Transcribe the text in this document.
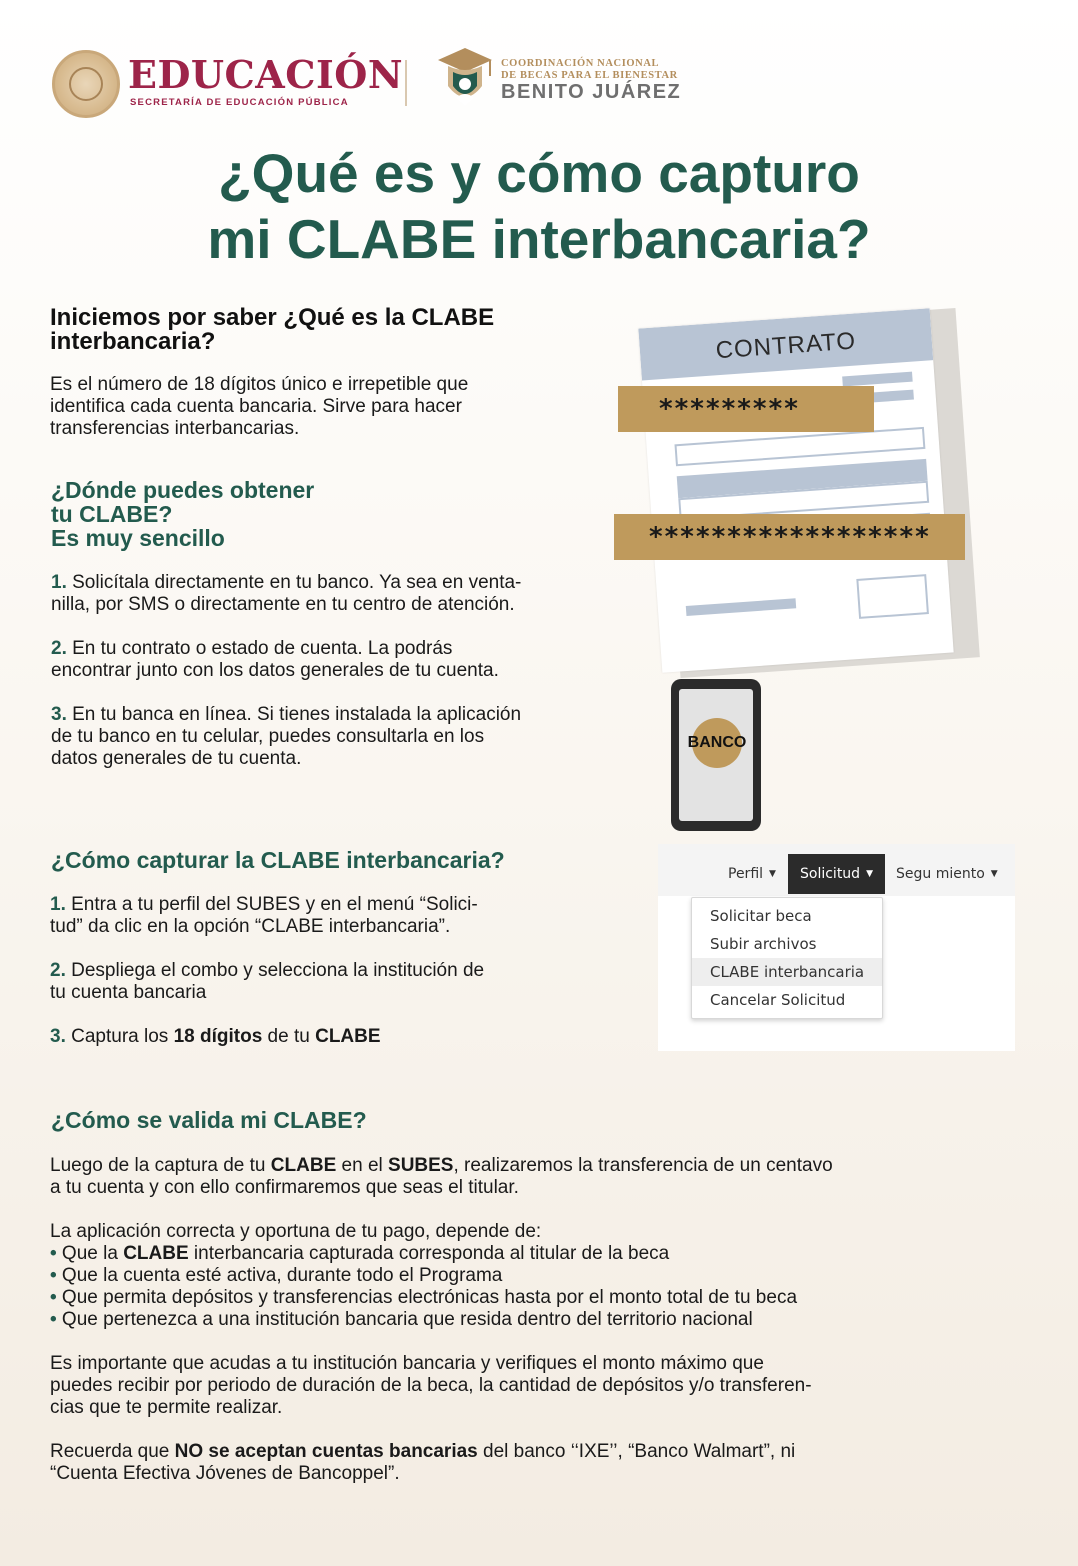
EDUCACIÓN
SECRETARÍA DE EDUCACIÓN PÚBLICA
COORDINACIÓN NACIONAL
DE BECAS PARA EL BIENESTAR
BENITO JUÁREZ
¿Qué es y cómo capturo
mi CLABE interbancaria?
Iniciemos por saber ¿Qué es la CLABE
interbancaria?
Es el número de 18 dígitos único e irrepetible que
identifica cada cuenta bancaria. Sirve para hacer
transferencias interbancarias.
¿Dónde puedes obtener
tu CLABE?
Es muy sencillo
1. Solicítala directamente en tu banco. Ya sea en venta-
nilla, por SMS o directamente en tu centro de atención.
2. En tu contrato o estado de cuenta. La podrás
encontrar junto con los datos generales de tu cuenta.
3. En tu banca en línea. Si tienes instalada la aplicación
de tu banco en tu celular, puedes consultarla en los
datos generales de tu cuenta.
CONTRATO
*********
******************
BANCO
¿Cómo capturar la CLABE interbancaria?
1. Entra a tu perfil del SUBES y en el menú “Solici-
tud” da clic en la opción “CLABE interbancaria”.
2. Despliega el combo y selecciona la institución de
tu cuenta bancaria
3. Captura los 18 dígitos de tu CLABE
Perfil ▼ Solicitud ▼ Segu miento ▼
Solicitar beca
Subir archivos
CLABE interbancaria
Cancelar Solicitud
¿Cómo se valida mi CLABE?
Luego de la captura de tu CLABE en el SUBES, realizaremos la transferencia de un centavo
a tu cuenta y con ello confirmaremos que seas el titular.
La aplicación correcta y oportuna de tu pago, depende de:
• Que la CLABE interbancaria capturada corresponda al titular de la beca
• Que la cuenta esté activa, durante todo el Programa
• Que permita depósitos y transferencias electrónicas hasta por el monto total de tu beca
• Que pertenezca a una institución bancaria que resida dentro del territorio nacional
Es importante que acudas a tu institución bancaria y verifiques el monto máximo que
puedes recibir por periodo de duración de la beca, la cantidad de depósitos y/o transferen-
cias que te permite realizar.
Recuerda que NO se aceptan cuentas bancarias del banco ‘‘IXE’’, “Banco Walmart”, ni
“Cuenta Efectiva Jóvenes de Bancoppel”.
